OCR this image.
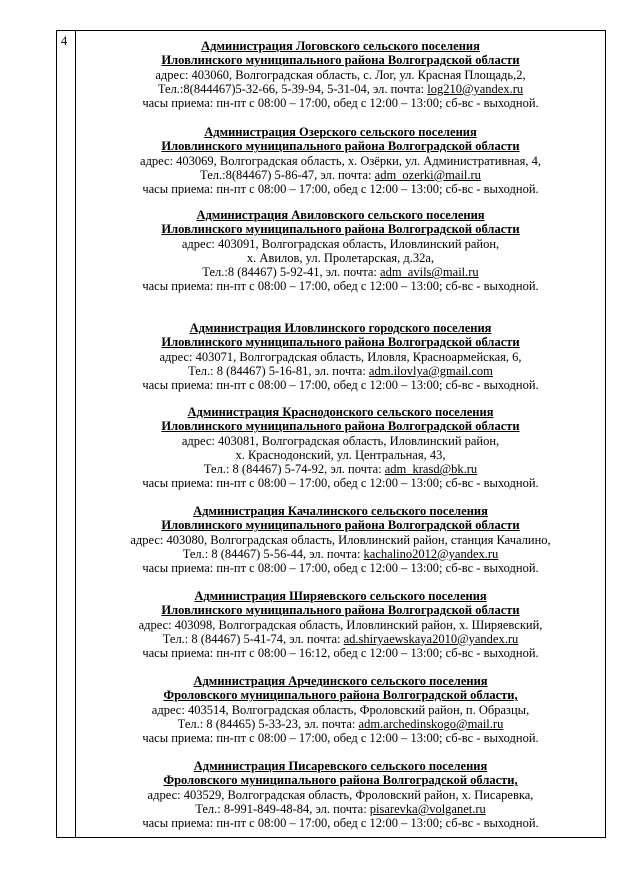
4	Администрация Логовского сельского поселения
Иловлинского муниципального района Волгоградской области
адрес: 403060, Волгоградская область, с. Лог, ул. Красная Площадь,2,
Тел.:8(844467)5-32-66, 5-39-94, 5-31-04, эл. почта: log210@yandex.ru
часы приема: пн-пт с 08:00 – 17:00, обед с 12:00 – 13:00; сб-вс - выходной.
Администрация Озерского сельского поселения
Иловлинского муниципального района Волгоградской области
адрес: 403069, Волгоградская область, х. Озёрки, ул. Административная, 4,
Тел.:8(84467) 5-86-47, эл. почта: adm_ozerki@mail.ru
часы приема: пн-пт с 08:00 – 17:00, обед с 12:00 – 13:00; сб-вс - выходной.
Администрация Авиловского сельского поселения
Иловлинского муниципального района Волгоградской области
адрес: 403091, Волгоградская область, Иловлинский район,
х. Авилов, ул. Пролетарская, д.32а,
Тел.:8 (84467) 5-92-41, эл. почта: adm_avils@mail.ru
часы приема: пн-пт с 08:00 – 17:00, обед с 12:00 – 13:00; сб-вс - выходной.
Администрация Иловлинского городского поселения
Иловлинского муниципального района Волгоградской области
адрес: 403071, Волгоградская область, Иловля, Красноармейская, 6,
Тел.: 8 (84467) 5-16-81, эл. почта: adm.ilovlya@gmail.com
часы приема: пн-пт с 08:00 – 17:00, обед с 12:00 – 13:00; сб-вс - выходной.
Администрация Краснодонского сельского поселения
Иловлинского муниципального района Волгоградской области
адрес: 403081, Волгоградская область, Иловлинский район,
х. Краснодонский, ул. Центральная, 43,
Тел.: 8 (84467) 5-74-92, эл. почта: adm_krasd@bk.ru
часы приема: пн-пт с 08:00 – 17:00, обед с 12:00 – 13:00; сб-вс - выходной.
Администрация Качалинского сельского поселения
Иловлинского муниципального района Волгоградской области
адрес: 403080, Волгоградская область, Иловлинский район, станция Качалино,
Тел.: 8 (84467) 5-56-44, эл. почта: kachalino2012@yandex.ru
часы приема: пн-пт с 08:00 – 17:00, обед с 12:00 – 13:00; сб-вс - выходной.
Администрация Ширяевского сельского поселения
Иловлинского муниципального района Волгоградской области
адрес: 403098, Волгоградская область, Иловлинский район, х. Ширяевский,
Тел.: 8 (84467) 5-41-74, эл. почта: ad.shiryaewskaya2010@yandex.ru
часы приема: пн-пт с 08:00 – 16:12, обед с 12:00 – 13:00; сб-вс - выходной.
Администрация Арчединского сельского поселения
Фроловского муниципального района Волгоградской области,
адрес: 403514, Волгоградская область, Фроловский район, п. Образцы,
Тел.: 8 (84465) 5-33-23, эл. почта: adm.archedinskogo@mail.ru
часы приема: пн-пт с 08:00 – 17:00, обед с 12:00 – 13:00; сб-вс - выходной.
Администрация Писаревского сельского поселения
Фроловского муниципального района Волгоградской области,
адрес: 403529, Волгоградская область, Фроловский район, х. Писаревка,
Тел.: 8-991-849-48-84, эл. почта: pisarevka@volganet.ru
часы приема: пн-пт с 08:00 – 17:00, обед с 12:00 – 13:00; сб-вс - выходной.
